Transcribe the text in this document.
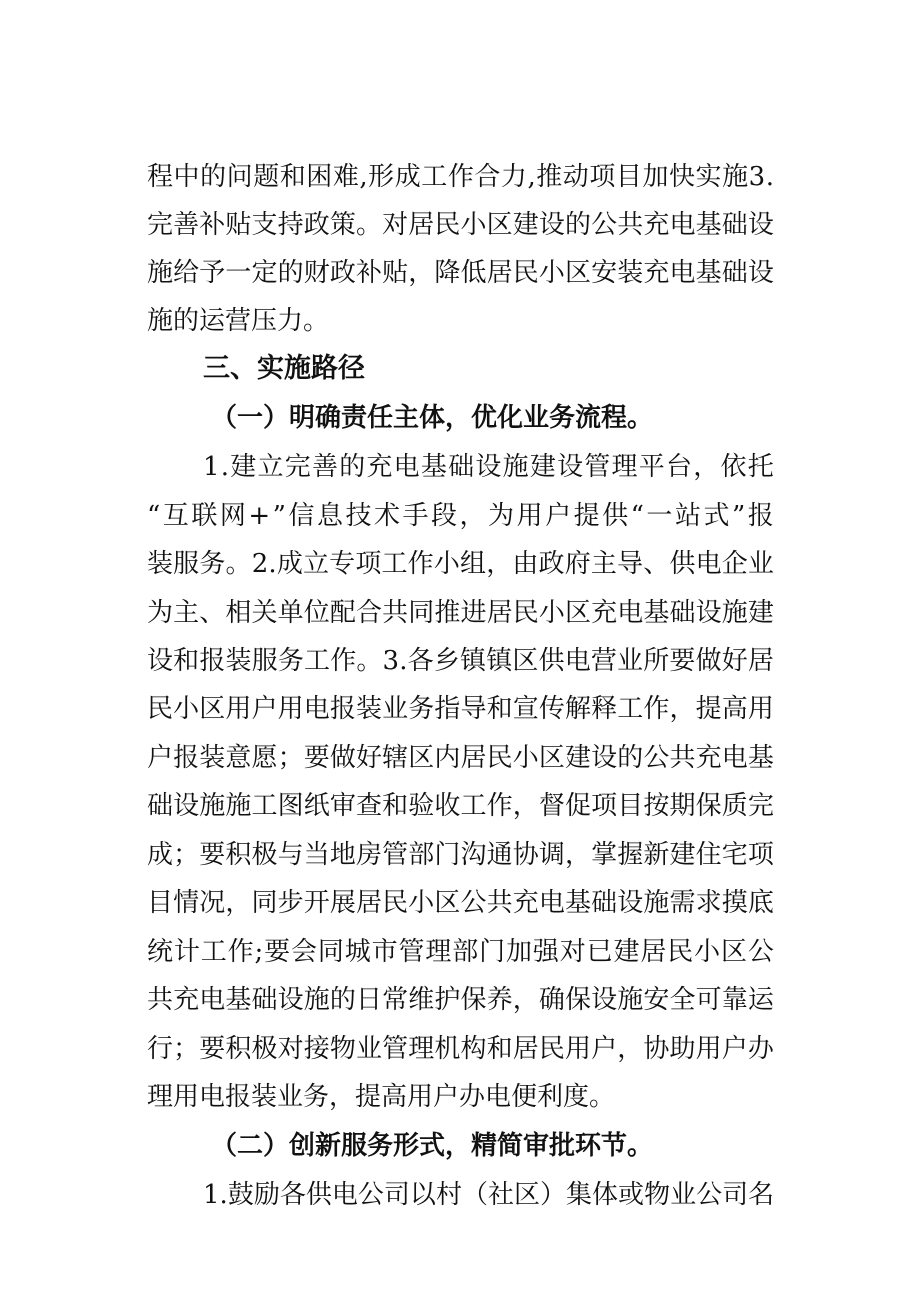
程 中 的 问 题 和 困 难 , 形 成 工 作 合 力 , 推 动 项 目 加 快 实 施 3 .
完 善 补 贴 支 持 政 策 。 对 居 民 小 区 建 设 的 公 共 充 电 基 础 设
施 给 予 一 定 的 财 政 补 贴 ， 降 低 居 民 小 区 安 装 充 电 基 础 设
施的运营压力。
三、实施路径
（一）明确责任主体，优化业务流程。
1 . 建 立 完 善 的 充 电 基 础 设 施 建 设 管 理 平 台 ， 依 托
“ 互 联 网 + ” 信 息 技 术 手 段 ， 为 用 户 提 供 “ 一 站 式 ” 报
装 服 务 。 2 . 成 立 专 项 工 作 小 组 ， 由 政 府 主 导 、 供 电 企 业
为 主 、 相 关 单 位 配 合 共 同 推 进 居 民 小 区 充 电 基 础 设 施 建
设 和 报 装 服 务 工 作 。 3 . 各 乡 镇 镇 区 供 电 营 业 所 要 做 好 居
民 小 区 用 户 用 电 报 装 业 务 指 导 和 宣 传 解 释 工 作 ， 提 高 用
户 报 装 意 愿 ； 要 做 好 辖 区 内 居 民 小 区 建 设 的 公 共 充 电 基
础 设 施 施 工 图 纸 审 查 和 验 收 工 作 ， 督 促 项 目 按 期 保 质 完
成 ； 要 积 极 与 当 地 房 管 部 门 沟 通 协 调 ， 掌 握 新 建 住 宅 项
目 情 况 ， 同 步 开 展 居 民 小 区 公 共 充 电 基 础 设 施 需 求 摸 底
统 计 工 作 ; 要 会 同 城 市 管 理 部 门 加 强 对 已 建 居 民 小 区 公
共 充 电 基 础 设 施 的 日 常 维 护 保 养 ， 确 保 设 施 安 全 可 靠 运
行 ； 要 积 极 对 接 物 业 管 理 机 构 和 居 民 用 户 ， 协 助 用 户 办
理用电报装业务，提高用户办电便利度。
（二）创新服务形式，精简审批环节。
1 . 鼓 励 各 供 电 公 司 以 村 （ 社 区 ） 集 体 或 物 业 公 司 名
